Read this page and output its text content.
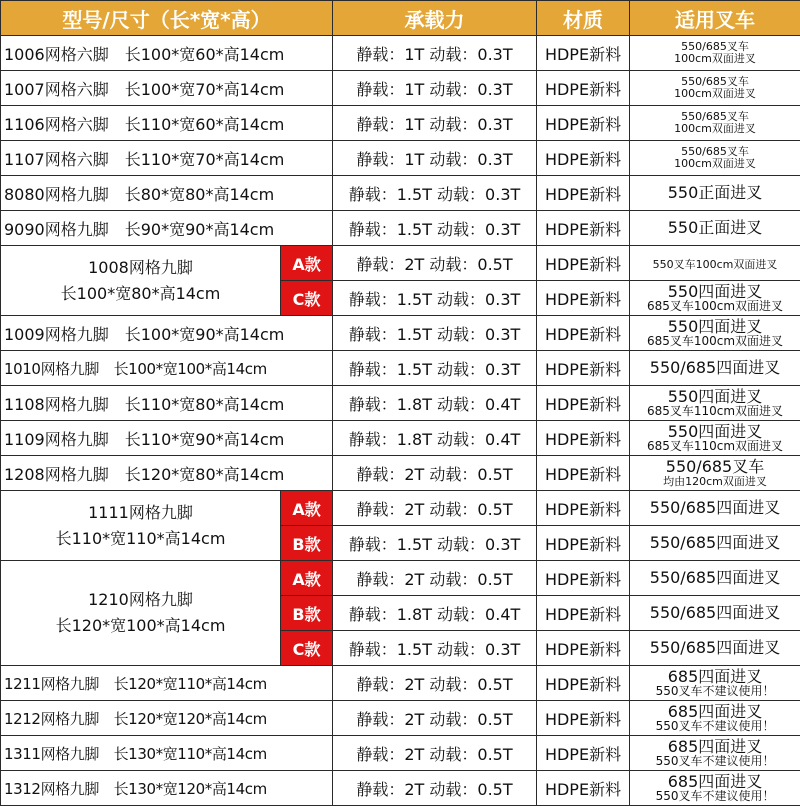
型号/尺寸（长*宽*高）		承载力	材质	适用叉车
1006网格六脚　长100*宽60*高14cm		静载：1T 动载：0.3T	HDPE新料	550/685叉车
100cm双面进叉

1007网格六脚　长100*宽70*高14cm		静载：1T 动载：0.3T	HDPE新料	550/685叉车
100cm双面进叉

1106网格六脚　长110*宽60*高14cm		静载：1T 动载：0.3T	HDPE新料	550/685叉车
100cm双面进叉

1107网格六脚　长110*宽70*高14cm		静载：1T 动载：0.3T	HDPE新料	550/685叉车
100cm双面进叉

8080网格九脚　长80*宽80*高14cm		静载：1.5T 动载：0.3T	HDPE新料	550正面进叉
9090网格九脚　长90*宽90*高14cm		静载：1.5T 动载：0.3T	HDPE新料	550正面进叉
1008网格九脚
长100*宽80*高14cm	A款	静载：2T 动载：0.5T	HDPE新料	550叉车100cm双面进叉
	C款	静载：1.5T 动载：0.3T	HDPE新料	550四面进叉
685叉车100cm双面进叉

1009网格九脚　长100*宽90*高14cm		静载：1.5T 动载：0.3T	HDPE新料	550四面进叉
685叉车100cm双面进叉

1010网格九脚　长100*宽100*高14cm		静载：1.5T 动载：0.3T	HDPE新料	550/685四面进叉
1108网格九脚　长110*宽80*高14cm		静载：1.8T 动载：0.4T	HDPE新料	550四面进叉
685叉车110cm双面进叉

1109网格九脚　长110*宽90*高14cm		静载：1.8T 动载：0.4T	HDPE新料	550四面进叉
685叉车110cm双面进叉

1208网格九脚　长120*宽80*高14cm		静载：2T 动载：0.5T	HDPE新料	550/685叉车
均由120cm双面进叉

1111网格九脚
长110*宽110*高14cm	A款	静载：2T 动载：0.5T	HDPE新料	550/685四面进叉
	B款	静载：1.5T 动载：0.3T	HDPE新料	550/685四面进叉
1210网格九脚
长120*宽100*高14cm	A款	静载：2T 动载：0.5T	HDPE新料	550/685四面进叉
	B款	静载：1.8T 动载：0.4T	HDPE新料	550/685四面进叉
	C款	静载：1.5T 动载：0.3T	HDPE新料	550/685四面进叉
1211网格九脚　长120*宽110*高14cm		静载：2T 动载：0.5T	HDPE新料	685四面进叉
550叉车不建议使用！

1212网格九脚　长120*宽120*高14cm		静载：2T 动载：0.5T	HDPE新料	685四面进叉
550叉车不建议使用！

1311网格九脚　长130*宽110*高14cm		静载：2T 动载：0.5T	HDPE新料	685四面进叉
550叉车不建议使用！

1312网格九脚　长130*宽120*高14cm		静载：2T 动载：0.5T	HDPE新料	685四面进叉
550叉车不建议使用！
